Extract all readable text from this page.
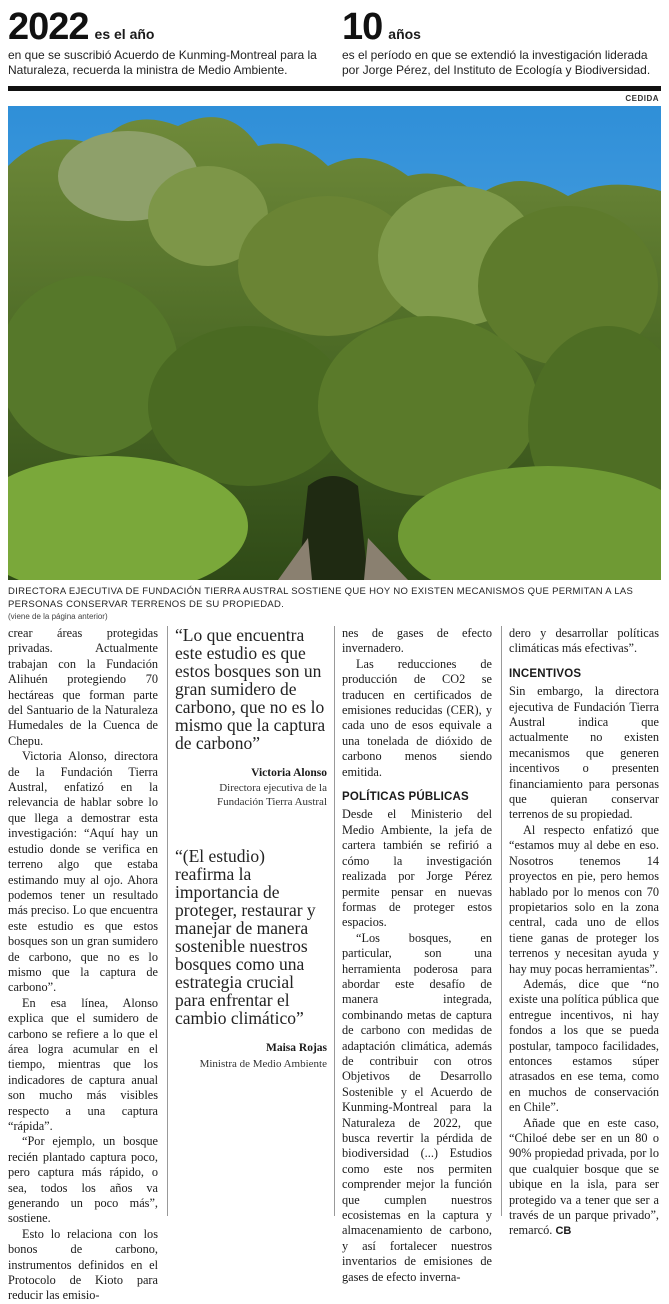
2022 es el año
en que se suscribió Acuerdo de Kunming-Montreal para la Naturaleza, recuerda la ministra de Medio Ambiente.
10 años
es el período en que se extendió la investigación liderada por Jorge Pérez, del Instituto de Ecología y Biodiversidad.
CEDIDA
DIRECTORA EJECUTIVA DE FUNDACIÓN TIERRA AUSTRAL SOSTIENE QUE HOY NO EXISTEN MECANISMOS QUE PERMITAN A LAS PERSONAS CONSERVAR TERRENOS DE SU PROPIEDAD.
(viene de la página anterior)

crear áreas protegidas privadas. Actualmente trabajan con la Fundación Alihuén protegiendo 70 hectáreas que forman parte del Santuario de la Naturaleza Humedales de la Cuenca de Chepu.

Victoria Alonso, directora de la Fundación Tierra Austral, enfatizó en la relevancia de hablar sobre lo que llega a demostrar esta investigación: “Aquí hay un estudio donde se verifica en terreno algo que estaba estimando muy al ojo. Ahora podemos tener un resultado más preciso. Lo que encuentra este estudio es que estos bosques son un gran sumidero de carbono, que no es lo mismo que la captura de carbono”.

En esa línea, Alonso explica que el sumidero de carbono se refiere a lo que el área logra acumular en el tiempo, mientras que los indicadores de captura anual son mucho más visibles respecto a una captura “rápida”.

“Por ejemplo, un bosque recién plantado captura poco, pero captura más rápido, o sea, todos los años va generando un poco más”, sostiene.

Esto lo relaciona con los bonos de carbono, instrumentos definidos en el Protocolo de Kioto para reducir las emisio-

“Lo que encuentra este estudio es que estos bosques son un gran sumidero de carbono, que no es lo mismo que la captura de carbono”
Victoria Alonso
Directora ejecutiva de la Fundación Tierra Austral
“(El estudio) reafirma la importancia de proteger, restaurar y manejar de manera sostenible nuestros bosques como una estrategia crucial para enfrentar el cambio climático”
Maisa Rojas
Ministra de Medio Ambiente

nes de gases de efecto invernadero.

Las reducciones de producción de CO2 se traducen en certificados de emisiones reducidas (CER), y cada uno de esos equivale a una tonelada de dióxido de carbono menos siendo emitida.

POLÍTICAS PÚBLICAS

Desde el Ministerio del Medio Ambiente, la jefa de cartera también se refirió a cómo la investigación realizada por Jorge Pérez permite pensar en nuevas formas de proteger estos espacios.

“Los bosques, en particular, son una herramienta poderosa para abordar este desafío de manera integrada, combinando metas de captura de carbono con medidas de adaptación climática, además de contribuir con otros Objetivos de Desarrollo Sostenible y el Acuerdo de Kunming-Montreal para la Naturaleza de 2022, que busca revertir la pérdida de biodiversidad (...) Estudios como este nos permiten comprender mejor la función que cumplen nuestros ecosistemas en la captura y almacenamiento de carbono, y así fortalecer nuestros inventarios de emisiones de gases de efecto inverna-

dero y desarrollar políticas climáticas más efectivas”.

INCENTIVOS

Sin embargo, la directora ejecutiva de Fundación Tierra Austral indica que actualmente no existen mecanismos que generen incentivos o presenten financiamiento para personas que quieran conservar terrenos de su propiedad.

Al respecto enfatizó que “estamos muy al debe en eso. Nosotros tenemos 14 proyectos en pie, pero hemos hablado por lo menos con 70 propietarios solo en la zona central, cada uno de ellos tiene ganas de proteger los terrenos y necesitan ayuda y hay muy pocas herramientas”.

Además, dice que “no existe una política pública que entregue incentivos, ni hay fondos a los que se pueda postular, tampoco facilidades, entonces estamos súper atrasados en ese tema, como en muchos de conservación en Chile”.

Añade que en este caso, “Chiloé debe ser en un 80 o 90% propiedad privada, por lo que cualquier bosque que se ubique en la isla, para ser protegido va a tener que ser a través de un parque privado”, remarcó. CB
